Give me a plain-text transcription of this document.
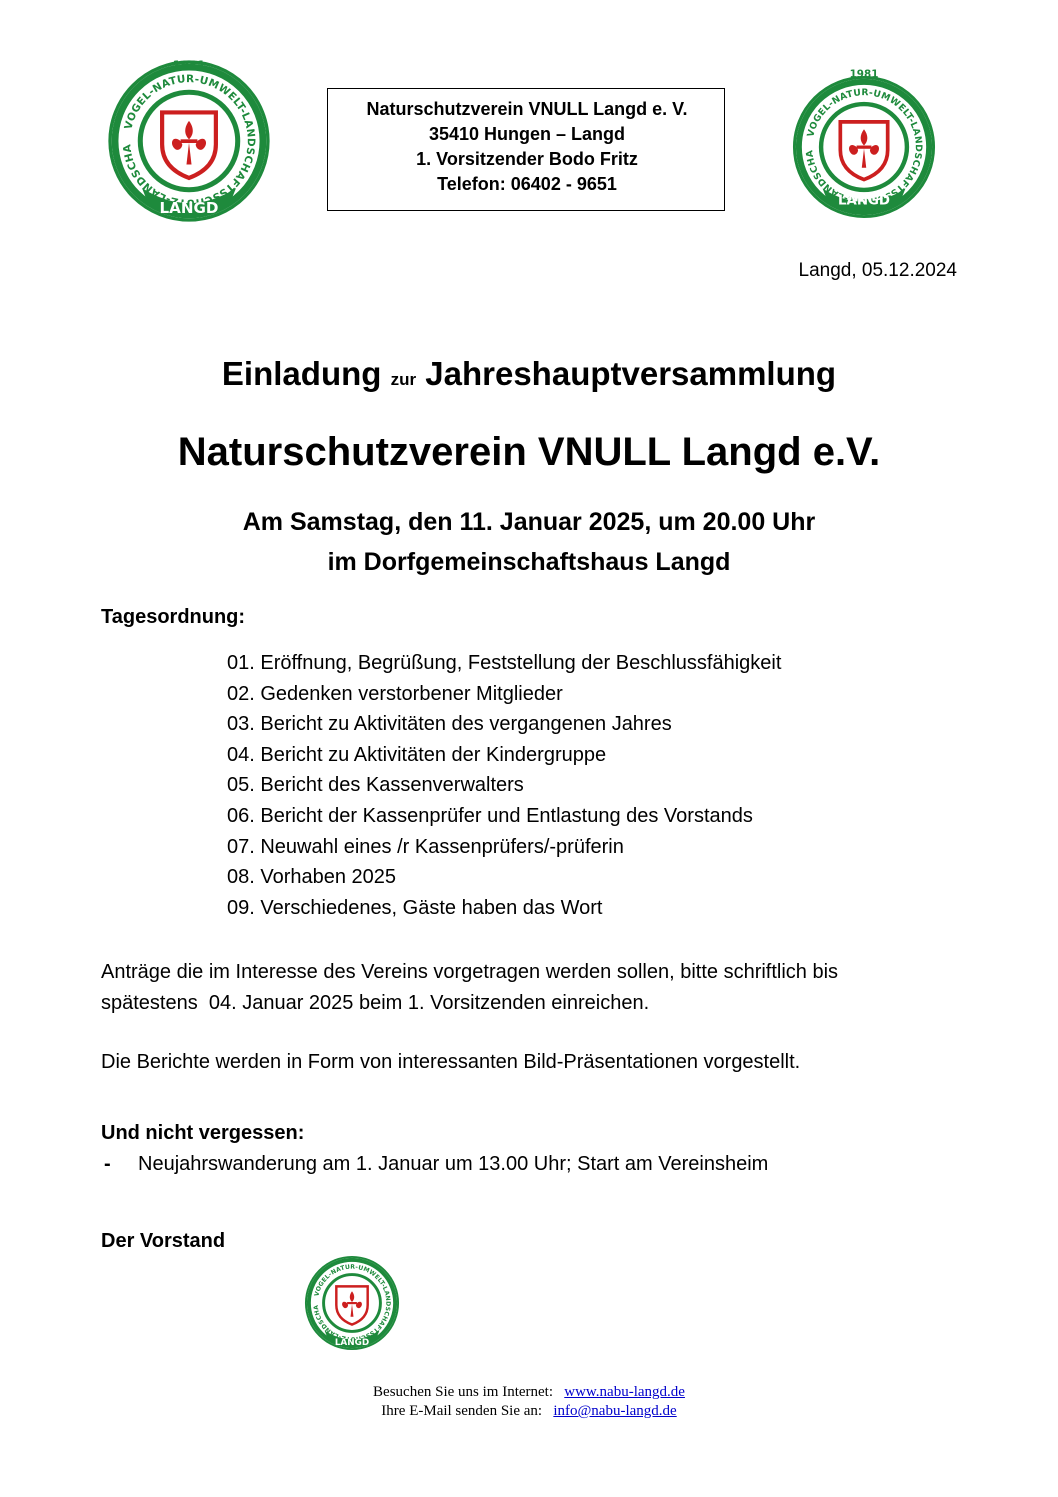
1981
LANGD
Naturschutzverein VNULL Langd e. V.
35410 Hungen – Langd
1. Vorsitzender Bodo Fritz
Telefon: 06402 - 9651
1981
LANGD
Langd, 05.12.2024
Einladung zur Jahreshauptversammlung
Naturschutzverein VNULL Langd e.V.
Am Samstag, den 11. Januar 2025, um 20.00 Uhr
im Dorfgemeinschaftshaus Langd
Tagesordnung:
01. Eröffnung, Begrüßung, Feststellung der Beschlussfähigkeit
02. Gedenken verstorbener Mitglieder
03. Bericht zu Aktivitäten des vergangenen Jahres
04. Bericht zu Aktivitäten der Kindergruppe
05. Bericht des Kassenverwalters
06. Bericht der Kassenprüfer und Entlastung des Vorstands
07. Neuwahl eines /r Kassenprüfers/-prüferin
08. Vorhaben 2025
09. Verschiedenes, Gäste haben das Wort
Anträge die im Interesse des Vereins vorgetragen werden sollen, bitte schriftlich bis
spätestens  04. Januar 2025 beim 1. Vorsitzenden einreichen.
Die Berichte werden in Form von interessanten Bild-Präsentationen vorgestellt.
Und nicht vergessen:
- Neujahrswanderung am 1. Januar um 13.00 Uhr; Start am Vereinsheim
Der Vorstand
LANGD
Besuchen Sie uns im Internet: www.nabu-langd.de
Ihre E-Mail senden Sie an: info@nabu-langd.de
